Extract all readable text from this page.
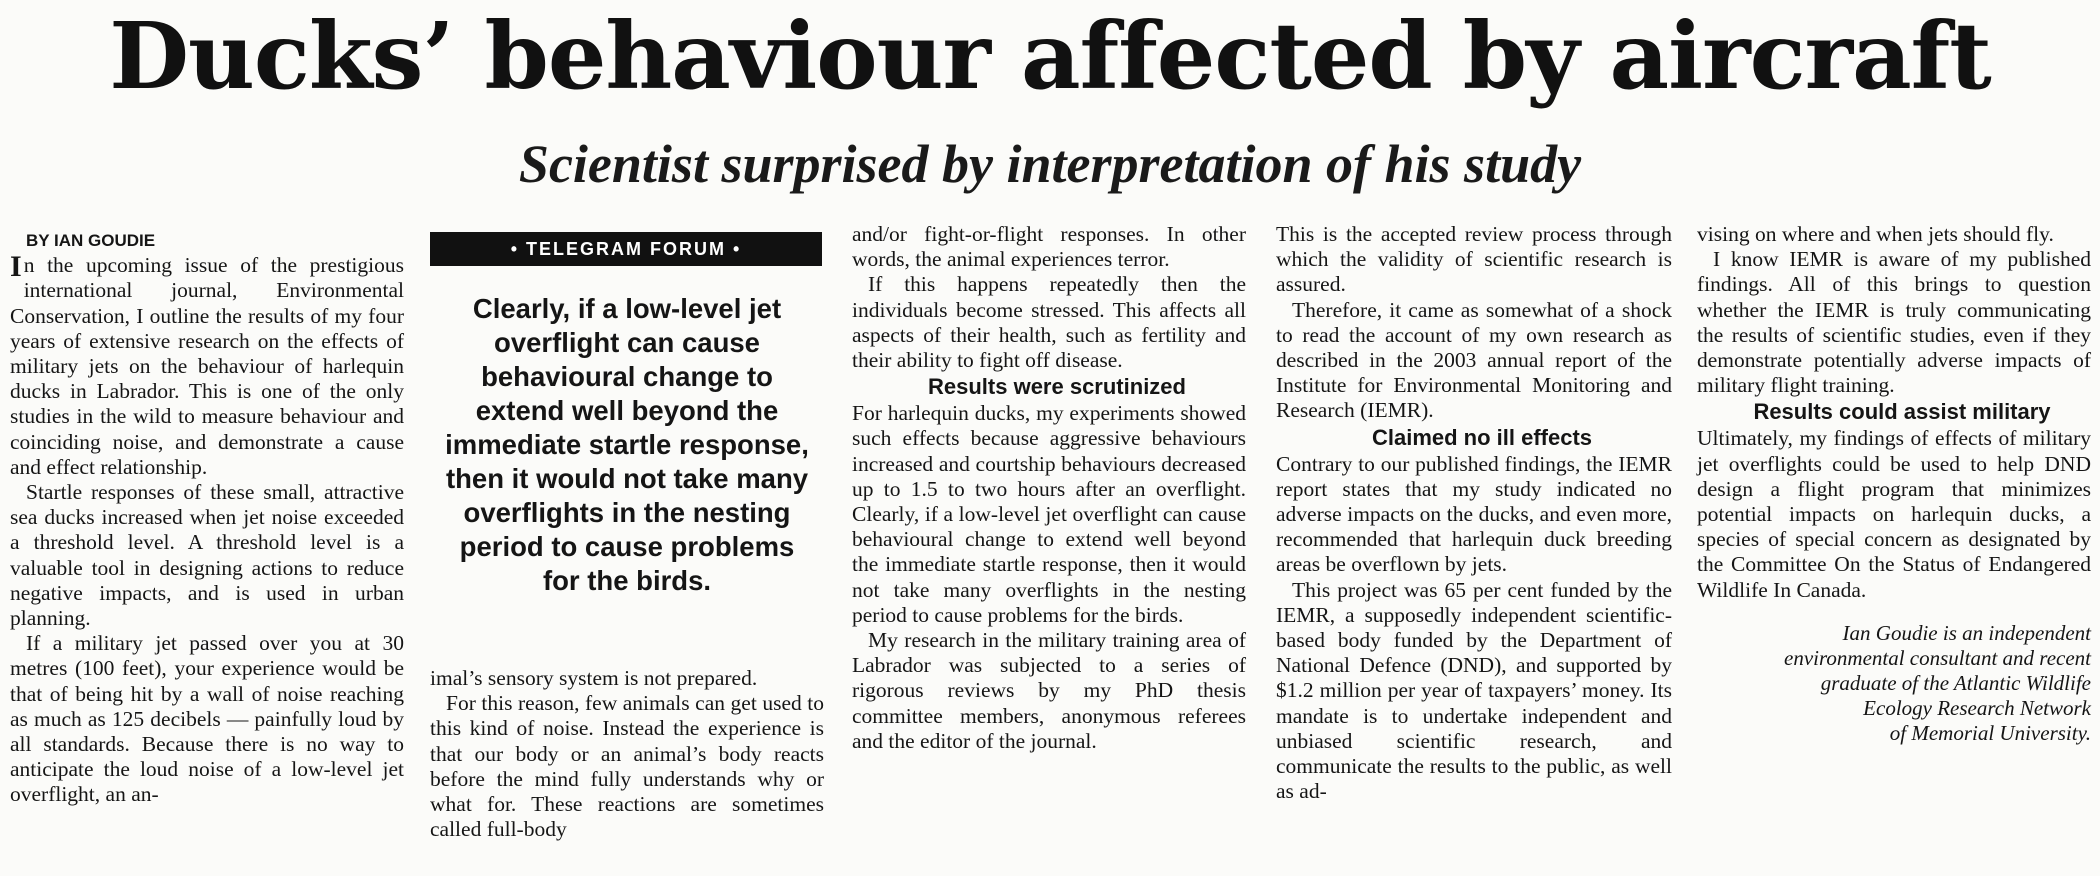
Ducks’ behaviour affected by aircraft
Scientist surprised by interpretation of his study

BY IAN GOUDIE

I n the upcoming issue of the prestigious international journal, Environmental Conservation, I outline the results of my four years of extensive research on the effects of military jets on the behaviour of harlequin ducks in Labrador. This is one of the only studies in the wild to measure behaviour and coinciding noise, and demonstrate a cause and effect relationship.

Startle responses of these small, attractive sea ducks increased when jet noise exceeded a threshold level. A threshold level is a valuable tool in designing actions to reduce negative impacts, and is used in urban planning.

If a military jet passed over you at 30 metres (100 feet), your experience would be that of being hit by a wall of noise reaching as much as 125 decibels — painfully loud by all standards. Because there is no way to anticipate the loud noise of a low-level jet overflight, an an-

• TELEGRAM FORUM •
Clearly, if a low-level jet overflight can cause behavioural change to extend well beyond the immediate startle response, then it would not take many overflights in the nesting period to cause problems for the birds.

imal’s sensory system is not prepared.

For this reason, few animals can get used to this kind of noise. Instead the experience is that our body or an animal’s body reacts before the mind fully understands why or what for. These reactions are sometimes called full-body

and/or fight-or-flight responses. In other words, the animal experiences terror.

If this happens repeatedly then the individuals become stressed. This affects all aspects of their health, such as fertility and their ability to fight off disease.

Results were scrutinized

For harlequin ducks, my experiments showed such effects because aggressive behaviours increased and courtship behaviours decreased up to 1.5 to two hours after an overflight. Clearly, if a low-level jet overflight can cause behavioural change to extend well beyond the immediate startle response, then it would not take many overflights in the nesting period to cause problems for the birds.

My research in the military training area of Labrador was subjected to a series of rigorous reviews by my PhD thesis committee members, anonymous referees and the editor of the journal.

This is the accepted review process through which the validity of scientific research is assured.

Therefore, it came as somewhat of a shock to read the account of my own research as described in the 2003 annual report of the Institute for Environmental Monitoring and Research (IEMR).

Claimed no ill effects

Contrary to our published findings, the IEMR report states that my study indicated no adverse impacts on the ducks, and even more, recommended that harlequin duck breeding areas be overflown by jets.

This project was 65 per cent funded by the IEMR, a supposedly independent scientific-based body funded by the Department of National Defence (DND), and supported by $1.2 million per year of taxpayers’ money. Its mandate is to undertake independent and unbiased scientific research, and communicate the results to the public, as well as ad-

vising on where and when jets should fly.

I know IEMR is aware of my published findings. All of this brings to question whether the IEMR is truly communicating the results of scientific studies, even if they demonstrate potentially adverse impacts of military flight training.

Results could assist military

Ultimately, my findings of effects of military jet overflights could be used to help DND design a flight program that minimizes potential impacts on harlequin ducks, a species of special concern as designated by the Committee On the Status of Endangered Wildlife In Canada.

Ian Goudie is an independent
environmental consultant and recent
graduate of the Atlantic Wildlife
Ecology Research Network
of Memorial University.
